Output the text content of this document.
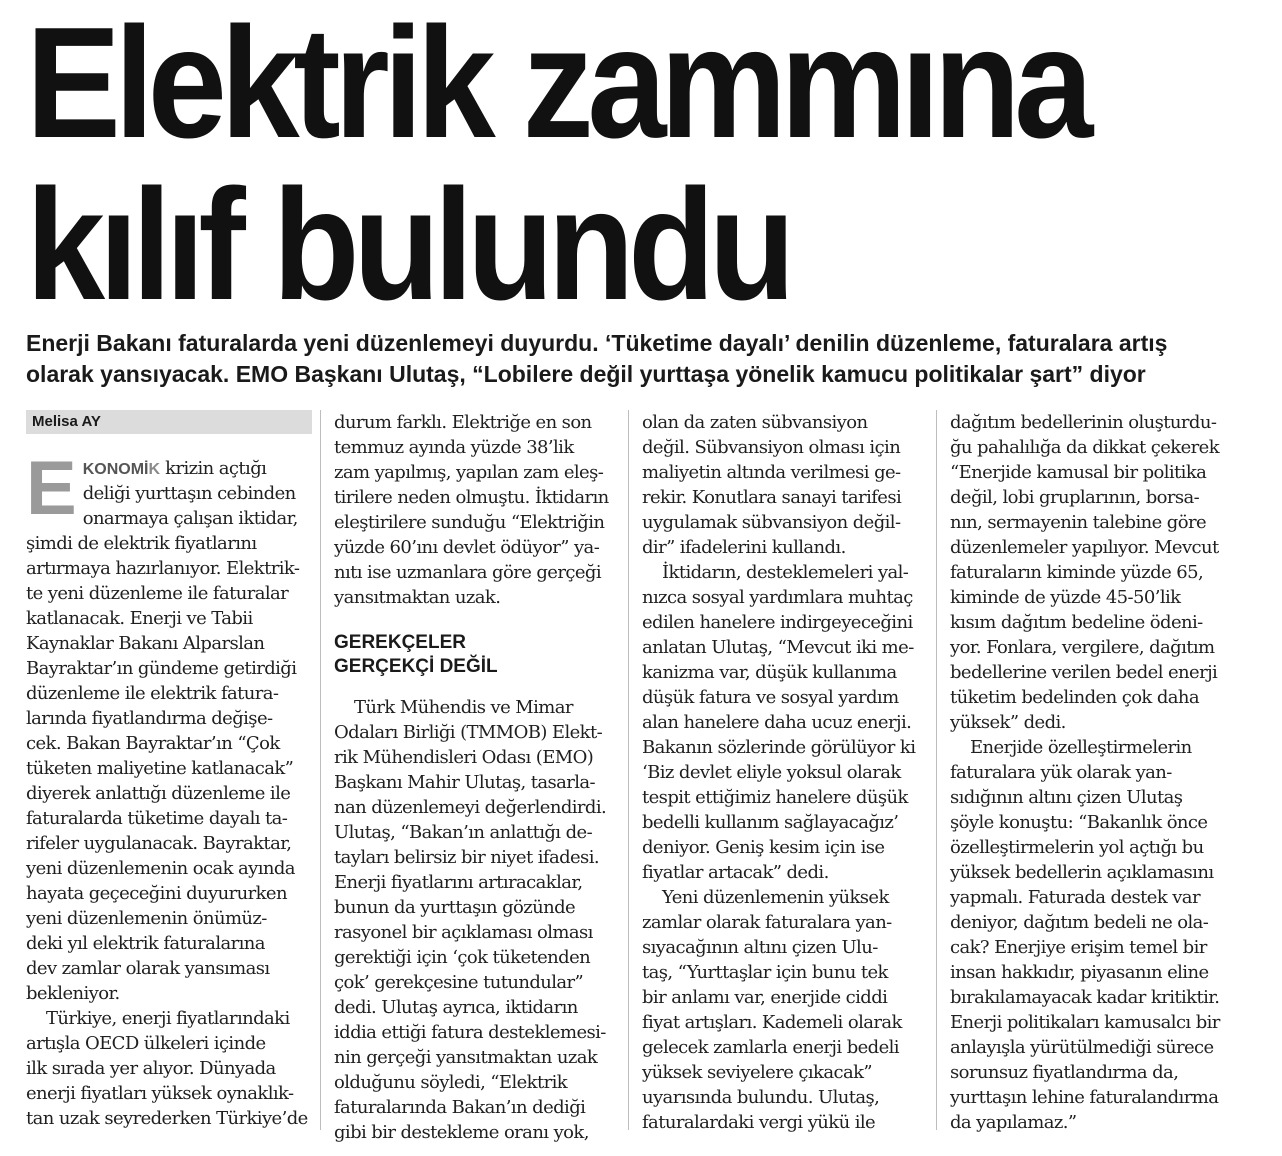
Elektrik zammına
kılıf bulundu

Enerji Bakanı faturalarda yeni düzenlemeyi duyurdu. ‘Tüketime dayalı’ denilin düzenleme, faturalara artış
olarak yansıyacak. EMO Başkanı Ulutaş, “Lobilere değil yurttaşa yönelik kamucu politikalar şart” diyor

Melisa AY
E KONOMİK krizin açtığı
deliği yurttaşın cebinden
onarmaya çalışan iktidar,
şimdi de elektrik fiyatlarını
artırmaya hazırlanıyor. Elektrik-
te yeni düzenleme ile faturalar
katlanacak. Enerji ve Tabii
Kaynaklar Bakanı Alparslan
Bayraktar’ın gündeme getirdiği
düzenleme ile elektrik fatura-
larında fiyatlandırma değişe-
cek. Bakan Bayraktar’ın “Çok
tüketen maliyetine katlanacak”
diyerek anlattığı düzenleme ile
faturalarda tüketime dayalı ta-
rifeler uygulanacak. Bayraktar,
yeni düzenlemenin ocak ayında
hayata geçeceğini duyururken
yeni düzenlemenin önümüz-
deki yıl elektrik faturalarına
dev zamlar olarak yansıması
bekleniyor.
Türkiye, enerji fiyatlarındaki
artışla OECD ülkeleri içinde
ilk sırada yer alıyor. Dünyada
enerji fiyatları yüksek oynaklık-
tan uzak seyrederken Türkiye’de
durum farklı. Elektriğe en son
temmuz ayında yüzde 38’lik
zam yapılmış, yapılan zam eleş-
tirilere neden olmuştu. İktidarın
eleştirilere sunduğu “Elektriğin
yüzde 60’ını devlet ödüyor” ya-
nıtı ise uzmanlara göre gerçeği
yansıtmaktan uzak.
GEREKÇELER
GERÇEKÇİ DEĞİL
Türk Mühendis ve Mimar
Odaları Birliği (TMMOB) Elekt-
rik Mühendisleri Odası (EMO)
Başkanı Mahir Ulutaş, tasarla-
nan düzenlemeyi değerlendirdi.
Ulutaş, “Bakan’ın anlattığı de-
tayları belirsiz bir niyet ifadesi.
Enerji fiyatlarını artıracaklar,
bunun da yurttaşın gözünde
rasyonel bir açıklaması olması
gerektiği için ‘çok tüketenden
çok’ gerekçesine tutundular”
dedi. Ulutaş ayrıca, iktidarın
iddia ettiği fatura desteklemesi-
nin gerçeği yansıtmaktan uzak
olduğunu söyledi, “Elektrik
faturalarında Bakan’ın dediği
gibi bir destekleme oranı yok,
olan da zaten sübvansiyon
değil. Sübvansiyon olması için
maliyetin altında verilmesi ge-
rekir. Konutlara sanayi tarifesi
uygulamak sübvansiyon değil-
dir” ifadelerini kullandı.
İktidarın, desteklemeleri yal-
nızca sosyal yardımlara muhtaç
edilen hanelere indirgeyeceğini
anlatan Ulutaş, “Mevcut iki me-
kanizma var, düşük kullanıma
düşük fatura ve sosyal yardım
alan hanelere daha ucuz enerji.
Bakanın sözlerinde görülüyor ki
‘Biz devlet eliyle yoksul olarak
tespit ettiğimiz hanelere düşük
bedelli kullanım sağlayacağız’
deniyor. Geniş kesim için ise
fiyatlar artacak” dedi.
Yeni düzenlemenin yüksek
zamlar olarak faturalara yan-
sıyacağının altını çizen Ulu-
taş, “Yurttaşlar için bunu tek
bir anlamı var, enerjide ciddi
fiyat artışları. Kademeli olarak
gelecek zamlarla enerji bedeli
yüksek seviyelere çıkacak”
uyarısında bulundu. Ulutaş,
faturalardaki vergi yükü ile
dağıtım bedellerinin oluşturdu-
ğu pahalılığa da dikkat çekerek
“Enerjide kamusal bir politika
değil, lobi gruplarının, borsa-
nın, sermayenin talebine göre
düzenlemeler yapılıyor. Mevcut
faturaların kiminde yüzde 65,
kiminde de yüzde 45-50’lik
kısım dağıtım bedeline ödeni-
yor. Fonlara, vergilere, dağıtım
bedellerine verilen bedel enerji
tüketim bedelinden çok daha
yüksek” dedi.
Enerjide özelleştirmelerin
faturalara yük olarak yan-
sıdığının altını çizen Ulutaş
şöyle konuştu: “Bakanlık önce
özelleştirmelerin yol açtığı bu
yüksek bedellerin açıklamasını
yapmalı. Faturada destek var
deniyor, dağıtım bedeli ne ola-
cak? Enerjiye erişim temel bir
insan hakkıdır, piyasanın eline
bırakılamayacak kadar kritiktir.
Enerji politikaları kamusalcı bir
anlayışla yürütülmediği sürece
sorunsuz fiyatlandırma da,
yurttaşın lehine faturalandırma
da yapılamaz.”
